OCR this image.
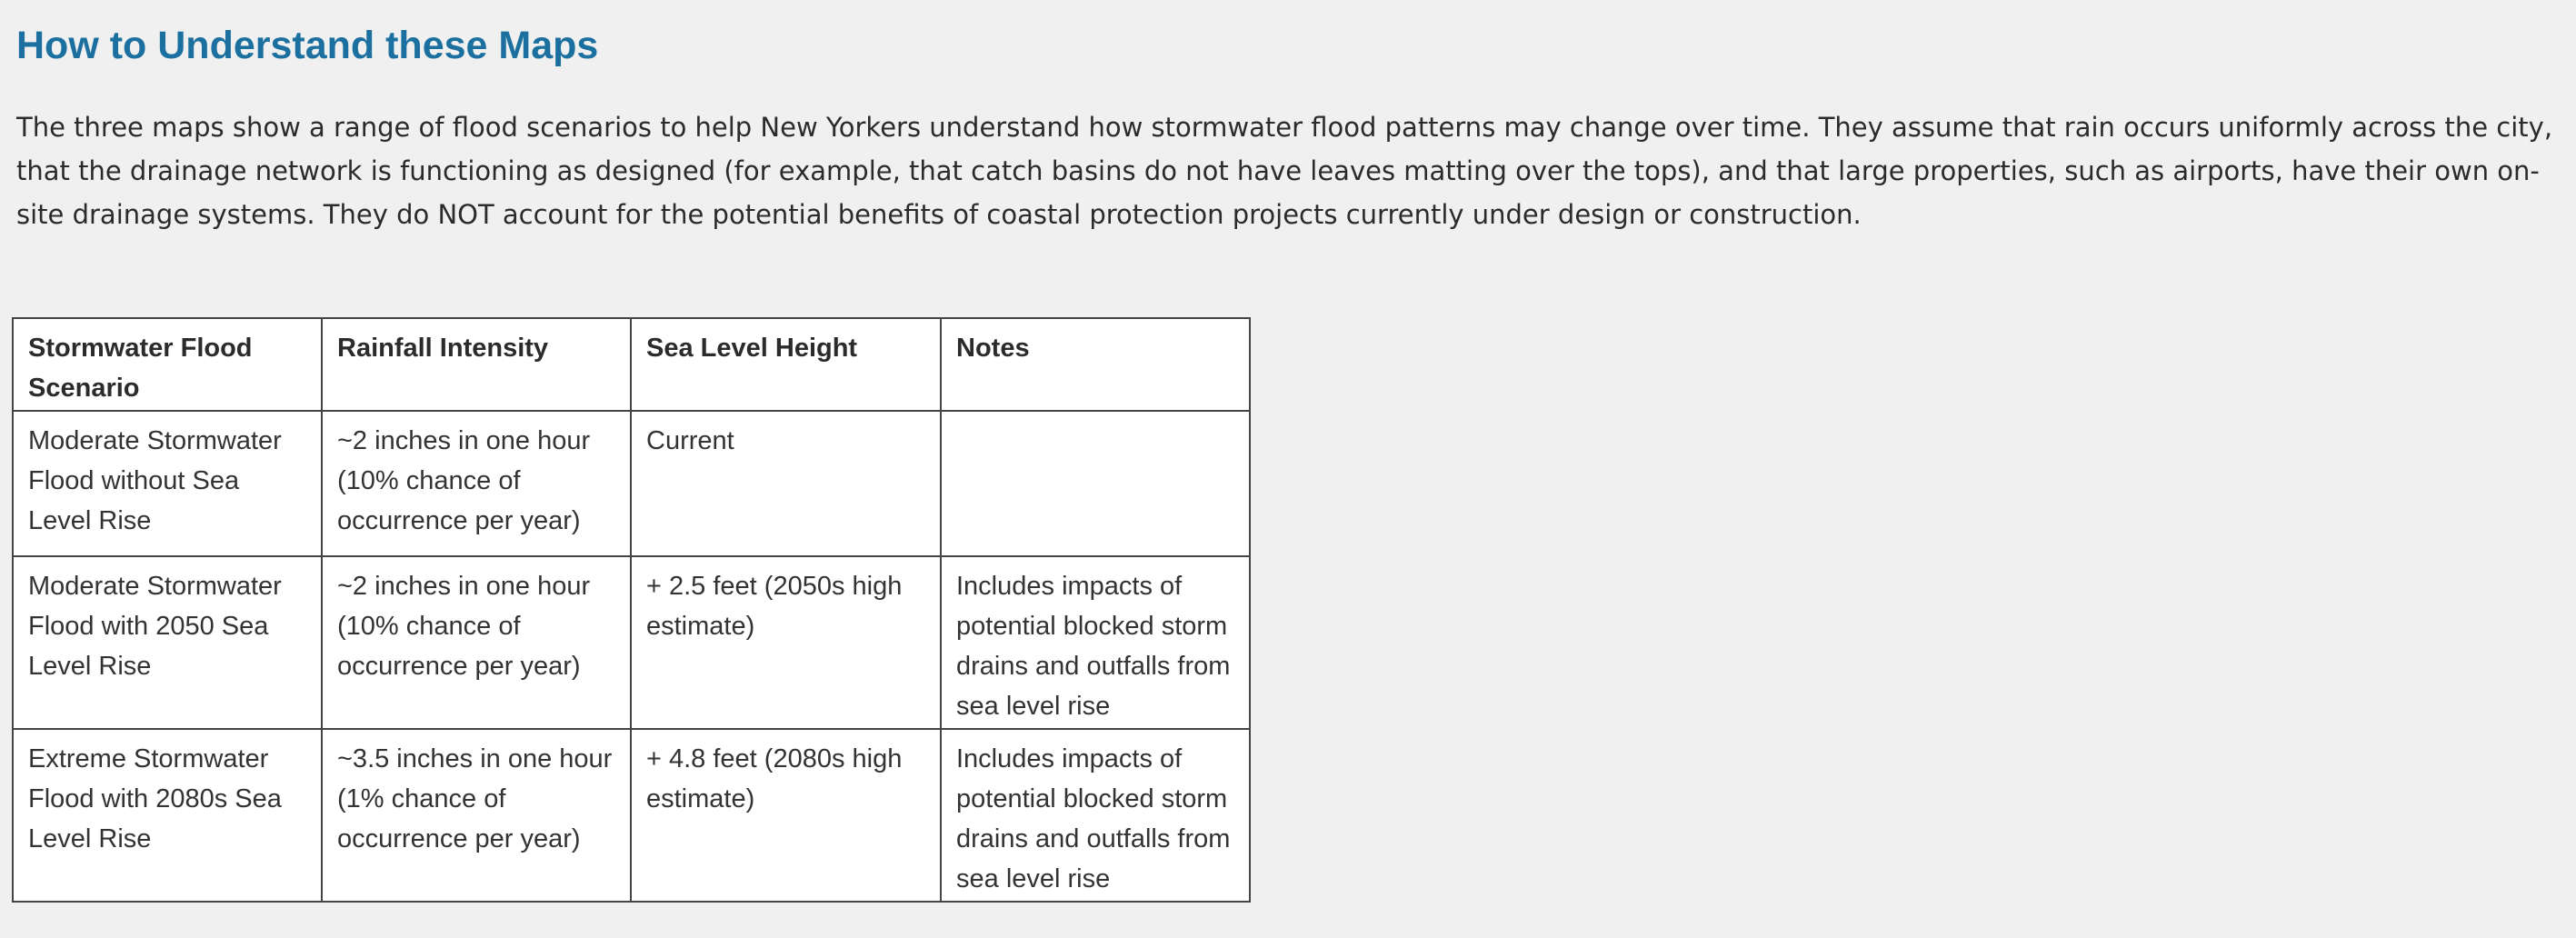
How to Understand these Maps

The three maps show a range of flood scenarios to help New Yorkers understand how stormwater flood patterns may change over time. They assume that rain occurs uniformly across the city, that the drainage network is functioning as designed (for example, that catch basins do not have leaves matting over the tops), and that large properties, such as airports, have their own on-site drainage systems. They do NOT account for the potential benefits of coastal protection projects currently under design or construction.

Stormwater Flood Scenario	Rainfall Intensity	Sea Level Height	Notes
Moderate Stormwater Flood without Sea Level Rise	~2 inches in one hour (10% chance of occurrence per year)	Current	
Moderate Stormwater Flood with 2050 Sea Level Rise	~2 inches in one hour (10% chance of occurrence per year)	+ 2.5 feet (2050s high estimate)	Includes impacts of potential blocked storm drains and outfalls from sea level rise
Extreme Stormwater Flood with 2080s Sea Level Rise	~3.5 inches in one hour (1% chance of occurrence per year)	+ 4.8 feet (2080s high estimate)	Includes impacts of potential blocked storm drains and outfalls from sea level rise
